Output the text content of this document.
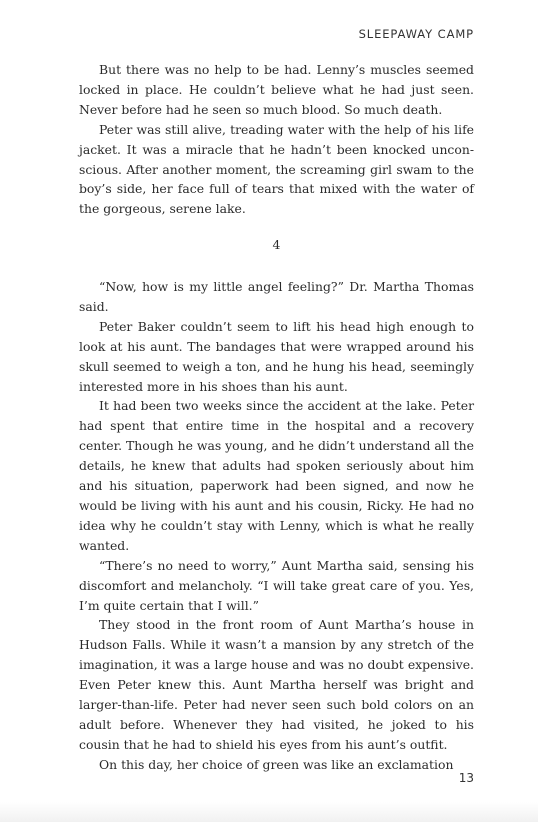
SLEEPAWAY CAMP

But there was no help to be had. Lenny’s muscles seemed locked in place. He couldn’t believe what he had just seen. Never before had he seen so much blood. So much death.

Peter was still alive, treading water with the help of his life jacket. It was a miracle that he hadn’t been knocked unconscious. After another moment, the screaming girl swam to the boy’s side, her face full of tears that mixed with the water of the gorgeous, serene lake.

4

“Now, how is my little angel feeling?” Dr. Martha Thomas said.

Peter Baker couldn’t seem to lift his head high enough to look at his aunt. The bandages that were wrapped around his skull seemed to weigh a ton, and he hung his head, seemingly interested more in his shoes than his aunt.

It had been two weeks since the accident at the lake. Peter had spent that entire time in the hospital and a recovery center. Though he was young, and he didn’t understand all the details, he knew that adults had spoken seriously about him and his situation, paperwork had been signed, and now he would be living with his aunt and his cousin, Ricky. He had no idea why he couldn’t stay with Lenny, which is what he really wanted.

“There’s no need to worry,” Aunt Martha said, sensing his discomfort and melancholy. “I will take great care of you. Yes, I’m quite certain that I will.”

They stood in the front room of Aunt Martha’s house in Hudson Falls. While it wasn’t a mansion by any stretch of the imagination, it was a large house and was no doubt expensive. Even Peter knew this. Aunt Martha herself was bright and larger-than-life. Peter had never seen such bold colors on an adult before. Whenever they had visited, he joked to his cousin that he had to shield his eyes from his aunt’s outfit.

On this day, her choice of green was like an exclamation

13
